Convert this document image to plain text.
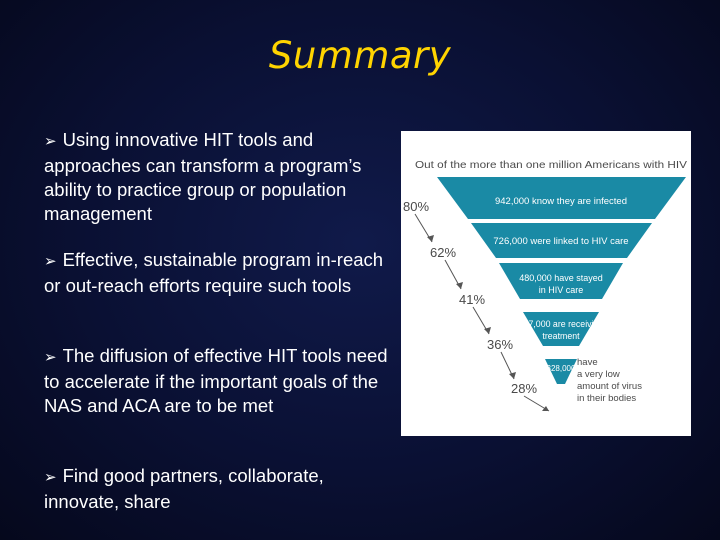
Summary

➢ Using innovative HIT tools and approaches can transform a program’s ability to practice group or population management

➢ Effective, sustainable program in-reach or out-reach efforts require such tools

➢ The diffusion of effective HIT tools need to accelerate if the important goals of the NAS and ACA are to be met

➢ Find good partners, collaborate, innovate, share

Out of the more than one million Americans with HIV
942,000 know they are infected
726,000 were linked to HIV care
480,000 have stayed
in HIV care
437,000 are receiving
treatment
328,000
have
a very low
amount of virus
in their bodies
80%
62%
41%
36%
28%
